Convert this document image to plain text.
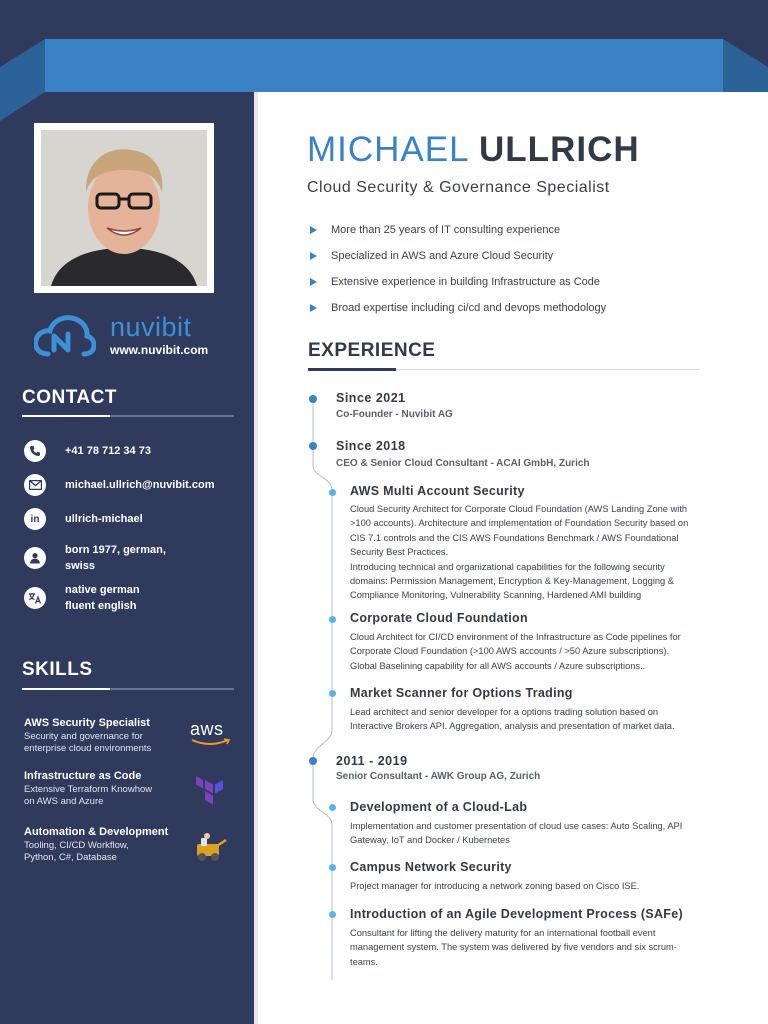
nuvibit
www.nuvibit.com
CONTACT
+41 78 712 34 73
michael.ullrich@nuvibit.com
in ullrich-michael
born 1977, german,
swiss
native german
fluent english
SKILLS
AWS Security Specialist
Security and governance for
enterprise cloud environments
aws
Infrastructure as Code
Extensive Terraform Knowhow
on AWS and Azure
Automation & Development
Tooling, CI/CD Workflow,
Python, C#, Database
MICHAEL ULLRICH
Cloud Security & Governance Specialist
More than 25 years of IT consulting experience
Specialized in AWS and Azure Cloud Security
Extensive experience in building Infrastructure as Code
Broad expertise including ci/cd and devops methodology
EXPERIENCE
Since 2021
Co-Founder - Nuvibit AG
Since 2018
CEO & Senior Cloud Consultant - ACAI GmbH, Zurich
AWS Multi Account Security
Cloud Security Architect for Corporate Cloud Foundation (AWS Landing Zone with
>100 accounts). Architecture and implementation of Foundation Security based on
CIS 7.1 controls and the CIS AWS Foundations Benchmark / AWS Foundational
Security Best Practices.
Introducing technical and organizational capabilities for the following security
domains: Permission Management, Encryption & Key-Management, Logging &
Compliance Monitoring, Vulnerability Scanning, Hardened AMI building
Corporate Cloud Foundation
Cloud Architect for CI/CD environment of the Infrastructure as Code pipelines for
Corporate Cloud Foundation (>100 AWS accounts / >50 Azure subscriptions).
Global Baselining capability for all AWS accounts / Azure subscriptions..
Market Scanner for Options Trading
Lead architect and senior developer for a options trading solution based on
Interactive Brokers API. Aggregation, analysis and presentation of market data.
2011 - 2019
Senior Consultant - AWK Group AG, Zurich
Development of a Cloud-Lab
Implementation and customer presentation of cloud use cases: Auto Scaling, API
Gateway, IoT and Docker / Kubernetes
Campus Network Security
Project manager for introducing a network zoning based on Cisco ISE.
Introduction of an Agile Development Process (SAFe)
Consultant for lifting the delivery maturity for an international football event
management system. The system was delivered by five vendors and six scrum-
teams.
